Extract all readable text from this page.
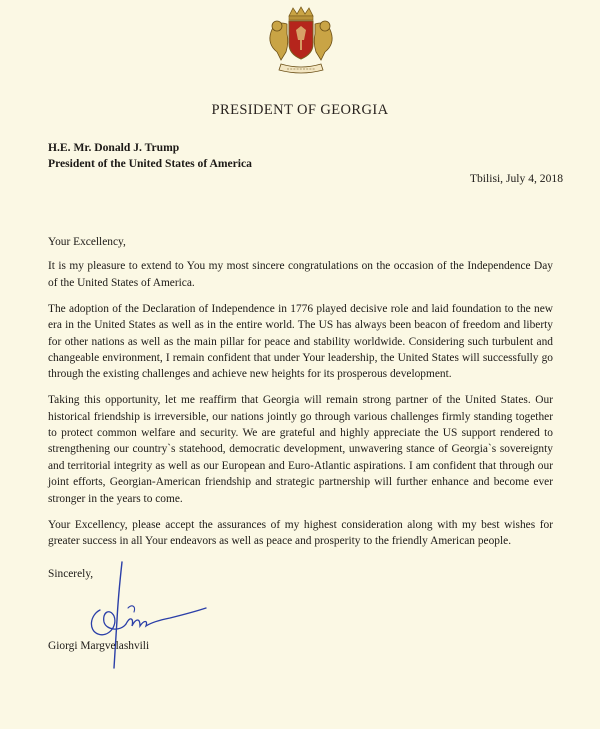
PRESIDENT OF GEORGIA
H.E. Mr. Donald J. Trump
President of the United States of America
Tbilisi, July 4, 2018

Your Excellency,

It is my pleasure to extend to You my most sincere congratulations on the occasion of the Independence Day of the United States of America.

The adoption of the Declaration of Independence in 1776 played decisive role and laid foundation to the new era in the United States as well as in the entire world. The US has always been beacon of freedom and liberty for other nations as well as the main pillar for peace and stability worldwide. Considering such turbulent and changeable environment, I remain confident that under Your leadership, the United States will successfully go through the existing challenges and achieve new heights for its prosperous development.

Taking this opportunity, let me reaffirm that Georgia will remain strong partner of the United States. Our historical friendship is irreversible, our nations jointly go through various challenges firmly standing together to protect common welfare and security. We are grateful and highly appreciate the US support rendered to strengthening our country`s statehood, democratic development, unwavering stance of Georgia`s sovereignty and territorial integrity as well as our European and Euro-Atlantic aspirations. I am confident that through our joint efforts, Georgian-American friendship and strategic partnership will further enhance and become ever stronger in the years to come.

Your Excellency, please accept the assurances of my highest consideration along with my best wishes for greater success in all Your endeavors as well as peace and prosperity to the friendly American people.

Sincerely,
Giorgi Margvelashvili
